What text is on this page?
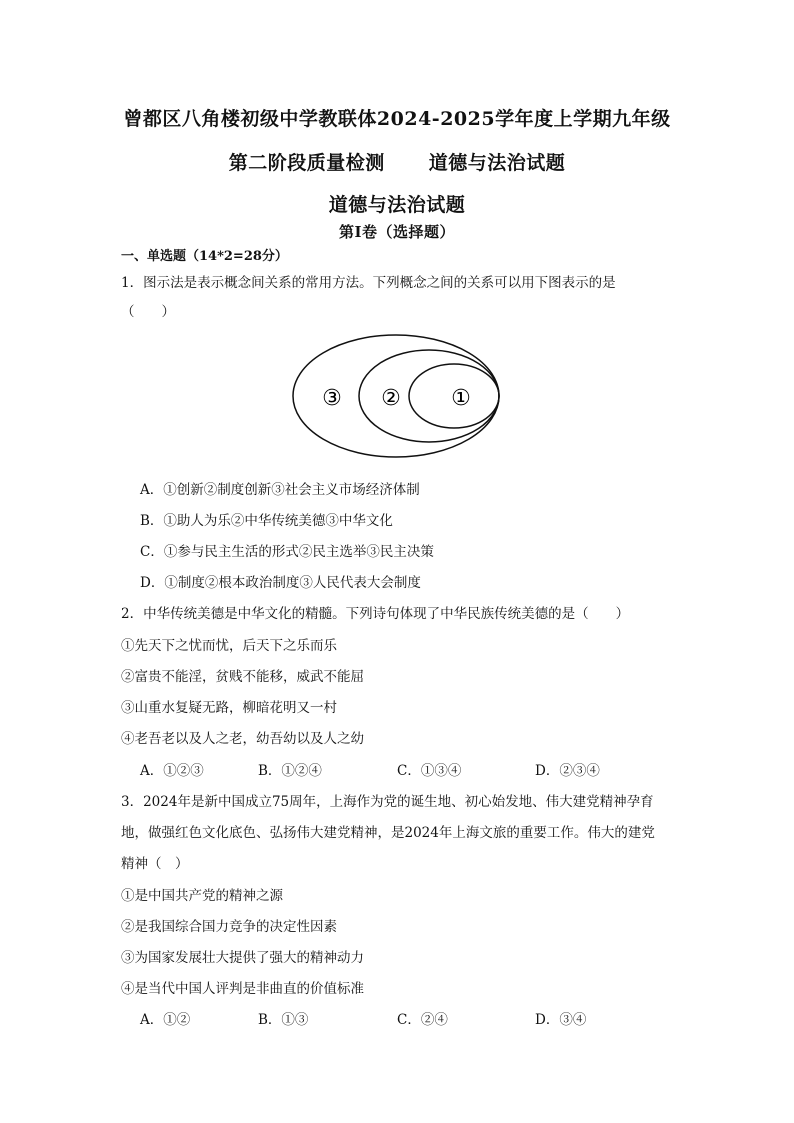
曾都区八角楼初级中学教联体2024-2025学年度上学期九年级
第二阶段质量检测 道德与法治试题
道德与法治试题
第Ⅰ卷（选择题）
一、单选题（14*2=28分）
1．图示法是表示概念间关系的常用方法。下列概念之间的关系可以用下图表示的是
（　　）
③ ② ①
A．①创新②制度创新③社会主义市场经济体制
B．①助人为乐②中华传统美德③中华文化
C．①参与民主生活的形式②民主选举③民主决策
D．①制度②根本政治制度③人民代表大会制度
2．中华传统美德是中华文化的精髓。下列诗句体现了中华民族传统美德的是（　　）
①先天下之忧而忧，后天下之乐而乐
②富贵不能淫，贫贱不能移，威武不能屈
③山重水复疑无路，柳暗花明又一村
④老吾老以及人之老，幼吾幼以及人之幼
A．①②③	B．①②④	C．①③④	D．②③④
3．2024年是新中国成立75周年，上海作为党的诞生地、初心始发地、伟大建党精神孕育
地，做强红色文化底色、弘扬伟大建党精神，是2024年上海文旅的重要工作。伟大的建党
精神（　）
①是中国共产党的精神之源
②是我国综合国力竞争的决定性因素
③为国家发展壮大提供了强大的精神动力
④是当代中国人评判是非曲直的价值标准
A．①②	B．①③	C．②④	D．③④
